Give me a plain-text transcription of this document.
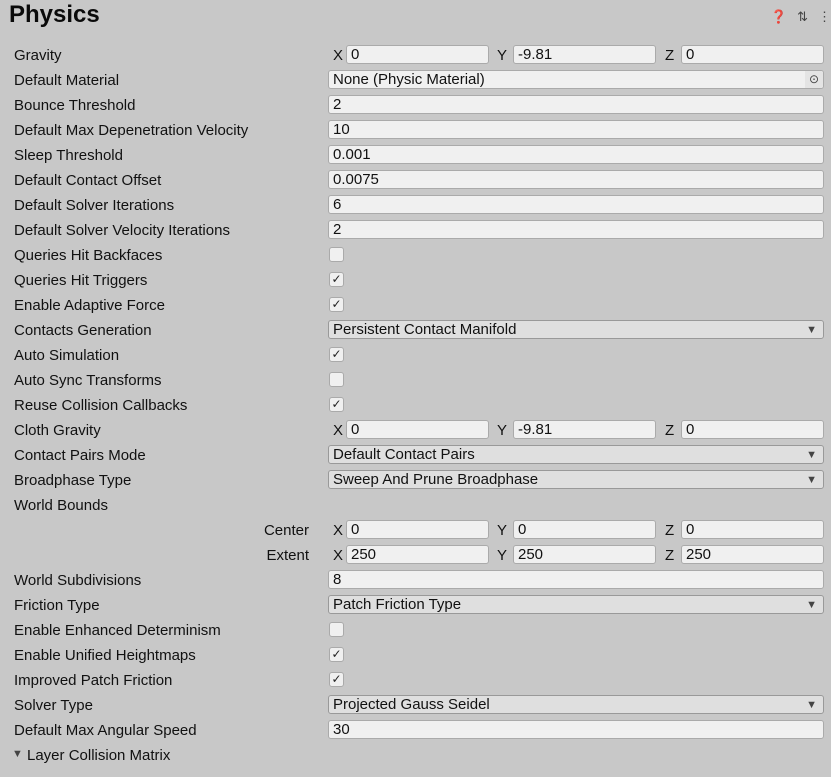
Physics	❓ ⇅ ⋮
Gravity	X 0	Y -9.81	Z 0
Default Material	None (Physic Material)	⊙
Bounce Threshold	2
Default Max Depenetration Velocity	10
Sleep Threshold	0.001
Default Contact Offset	0.0075
Default Solver Iterations	6
Default Solver Velocity Iterations	2
Queries Hit Backfaces
Queries Hit Triggers	✓
Enable Adaptive Force	✓
Contacts Generation	Persistent Contact Manifold	▼
Auto Simulation	✓
Auto Sync Transforms
Reuse Collision Callbacks	✓
Cloth Gravity	X 0	Y -9.81	Z 0
Contact Pairs Mode	Default Contact Pairs	▼
Broadphase Type	Sweep And Prune Broadphase	▼
World Bounds
Center X 0	Y 0	Z 0
Extent X 250	Y 250	Z 250
World Subdivisions	8
Friction Type	Patch Friction Type	▼
Enable Enhanced Determinism
Enable Unified Heightmaps	✓
Improved Patch Friction	✓
Solver Type	Projected Gauss Seidel	▼
Default Max Angular Speed	30
▼ Layer Collision Matrix
